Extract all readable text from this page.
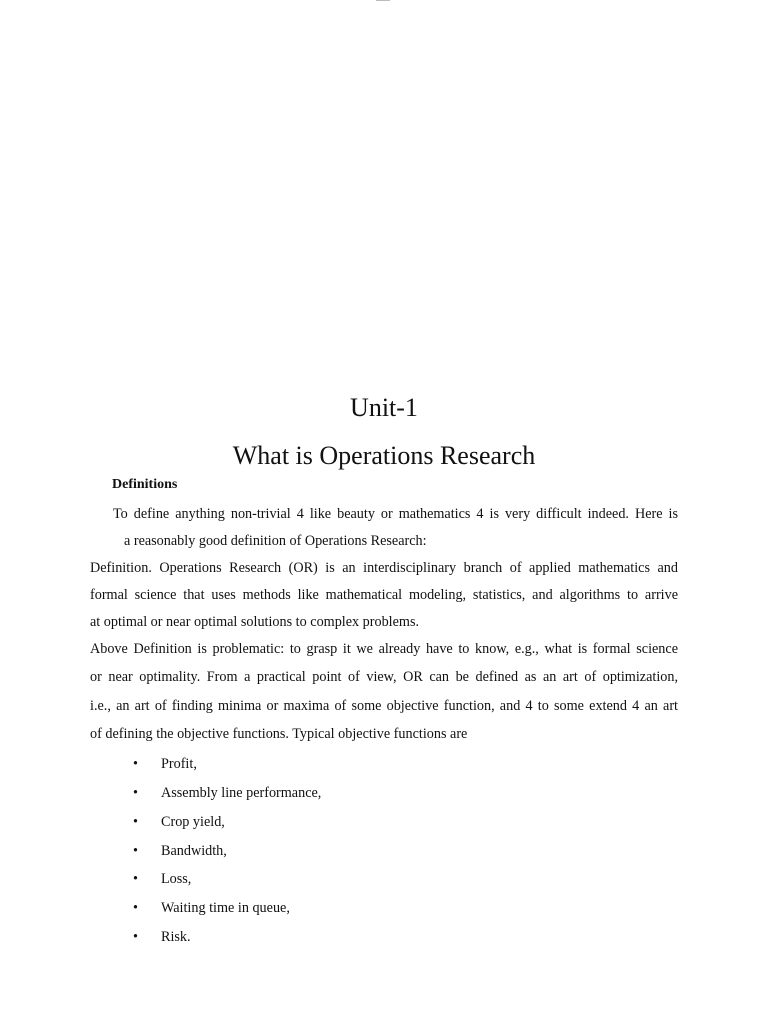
Unit-1
What is Operations Research
Definitions
To define anything non-trivial 4 like beauty or mathematics 4 is very difficult indeed. Here is
a reasonably good definition of Operations Research:
Definition. Operations Research (OR) is an interdisciplinary branch of applied mathematics and
formal science that uses methods like mathematical modeling, statistics, and algorithms to arrive
at optimal or near optimal solutions to complex problems.
Above Definition is problematic: to grasp it we already have to know, e.g., what is formal science
or near optimality. From a practical point of view, OR can be defined as an art of optimization,
i.e., an art of finding minima or maxima of some objective function, and 4 to some extend 4 an art
of defining the objective functions. Typical objective functions are
• Profit,
• Assembly line performance,
• Crop yield,
• Bandwidth,
• Loss,
• Waiting time in queue,
• Risk.
